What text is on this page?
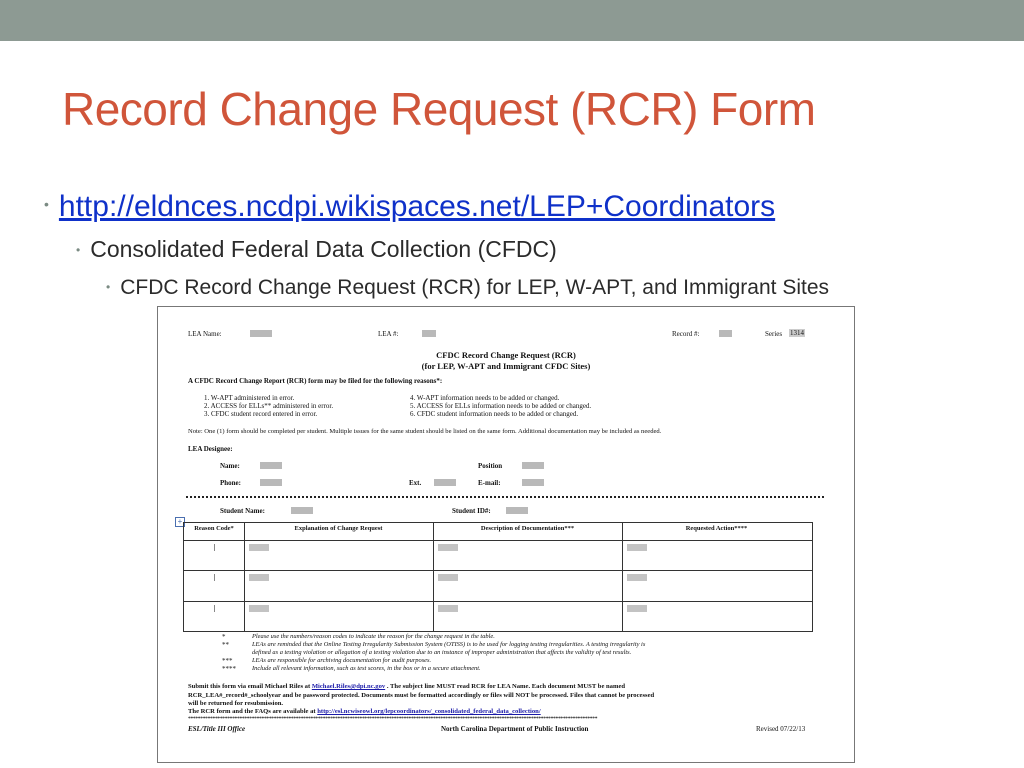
Record Change Request (RCR) Form
• http://eldnces.ncdpi.wikispaces.net/LEP+Coordinators
• Consolidated Federal Data Collection (CFDC)
• CFDC Record Change Request (RCR) for LEP, W-APT, and Immigrant Sites
LEA Name:	LEA #:	Record #:	Series 1314
CFDC Record Change Request (RCR)
(for LEP, W-APT and Immigrant CFDC Sites)
A CFDC Record Change Report (RCR) form may be filed for the following reasons*:
1. W-APT administered in error.
2. ACCESS for ELLs** administered in error.
3. CFDC student record entered in error.
4. W-APT information needs to be added or changed.
5. ACCESS for ELLs information needs to be added or changed.
6. CFDC student information needs to be added or changed.
Note: One (1) form should be completed per student. Multiple issues for the same student should be listed on the same form. Additional documentation may be included as needed.
LEA Designee:
Name:	Position
Phone:	Ext.	E-mail:
Student Name:	Student ID#:
+
Reason Code*	Explanation of Change Request	Description of Documentation***	Requested Action****
*	Please use the numbers/reason codes to indicate the reason for the change request in the table.
**	LEAs are reminded that the Online Testing Irregularity Submission System (OTISS) is to be used for logging testing irregularities. A testing irregularity is
defined as a testing violation or allegation of a testing violation due to an instance of improper administration that affects the validity of test results.
***	LEAs are responsible for archiving documentation for audit purposes.
****	Include all relevant information, such as test scores, in the box or in a secure attachment.
Submit this form via email Michael Riles at Michael.Riles@dpi.nc.gov . The subject line MUST read RCR for LEA Name. Each document MUST be named
RCR_LEA#_record#_schoolyear and be password protected. Documents must be formatted accordingly or files will NOT be processed. Files that cannot be processed
will be returned for resubmission.
The RCR form and the FAQs are available at http://esl.ncwiseowl.org/lepcoordinators/_consolidated_federal_data_collection/
***********************************************************************************************************************************************************************
ESL/Title III Office	North Carolina Department of Public Instruction	Revised 07/22/13
